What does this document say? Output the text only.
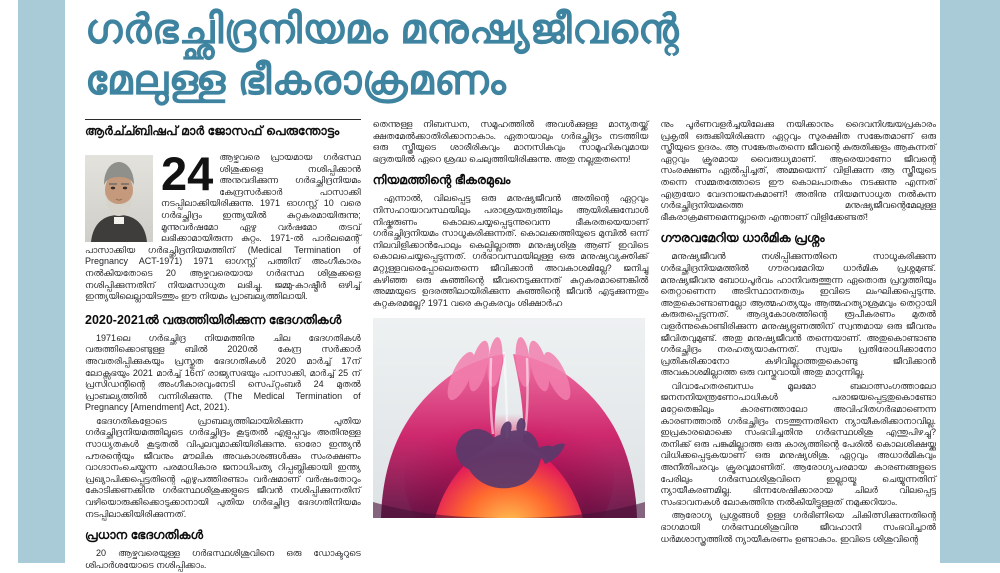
ഗർഭച്ഛിദ്രനിയമം മനുഷ്യജീവന്റെ
മേലുള്ള ഭീകരാക്രമണം
ആർച്ച്ബിഷപ് മാർ ജോസഫ് പെരുന്തോട്ടം
24 ആഴ്ചവരെ പ്രായമായ ഗർഭസ്ഥ ശിശുക്കളെ നശിപ്പിക്കാൻ അനുവദിക്കുന്ന ഗർഭച്ഛിദ്രനിയമം കേന്ദ്രസർക്കാർ പാസാക്കി നടപ്പിലാക്കിയിരിക്കുന്നു. 1971 ഓഗസ്റ്റ് 10 വരെ ഗർഭച്ഛിദ്രം ഇന്ത്യയിൽ കുറ്റകരമായിരുന്നു; മൂന്നുവർഷമോ ഏഴു വർഷമോ തടവ് ലഭിക്കാമായിരുന്ന കുറ്റം. 1971-ൽ പാർലമെന്റ് പാസാക്കിയ ഗർഭച്ഛിദ്രനിയമത്തിന് (Medical Termination of Pregnancy ACT-1971) 1971 ഓഗസ്റ്റ് പത്തിന് അംഗീകാരം നൽകിയതോടെ 20 ആഴ്ചവരെയായ ഗർഭസ്ഥ ശിശുക്കളെ നശിപ്പിക്കുന്നതിന് നിയമസാധുത ലഭിച്ചു. ജമ്മു-കാഷ്മീർ ഒഴിച്ച് ഇന്ത്യയിലെല്ലായിടത്തും ഈ നിയമം പ്രാബല്യത്തിലായി.

2020-2021ൽ വരുത്തിയിരിക്കുന്ന ഭേദഗതികൾ

1971ലെ ഗർഭച്ഛിദ്ര നിയമത്തിനു ചില ഭേദഗതികൾ വരുത്തിക്കൊണ്ടുള്ള ബിൽ 2020ൽ കേന്ദ്ര സർക്കാർ അവതരിപ്പിക്കുകയും പ്രസ്തുത ഭേദഗതികൾ 2020 മാർച്ച് 17ന് ലോക്സഭയും 2021 മാർച്ച് 16ന് രാജ്യസഭയും പാസാക്കി, മാർച്ച് 25 ന് പ്രസിഡന്റിന്റെ അംഗീകാരവുംനേടി സെപ്റ്റംബർ 24 മുതൽ പ്രാബല്യത്തിൽ വന്നിരിക്കുന്നു. (The Medical Termination of Pregnancy [Amendment] Act, 2021).

ഭേദഗതികളോടെ പ്രാബല്യത്തിലായിരിക്കുന്ന പുതിയ ഗർഭച്ഛിദ്രനിയമത്തിലൂടെ ഗർഭച്ഛിദ്രം കൂടുതൽ എളുപ്പവും അതിനുള്ള സാധ്യതകൾ കൂടുതൽ വിപുലവുമാക്കിയിരിക്കുന്നു. ഓരോ ഇന്ത്യൻ പൗരന്റെയും ജീവനും മൗലിക അവകാശങ്ങൾക്കും സംരക്ഷണം വാഗ്ദാനംചെയ്യുന്ന പരമാധികാര ജനാധിപത്യ റിപ്പബ്ലിക്കായി ഇന്ത്യ പ്രഖ്യാപിക്കപ്പെട്ടതിന്റെ എഴുപത്തിരണ്ടാം വർഷമാണ് വർഷംതോറും കോടിക്കണക്കിനു ഗർഭസ്ഥശിശുക്കളുടെ ജീവൻ നശിപ്പിക്കുന്നതിന് വഴിയൊരുക്കിക്കൊടുക്കാനായി പുതിയ ഗർഭച്ഛിദ്ര ഭേദഗതിനിയമം നടപ്പിലാക്കിയിരിക്കുന്നത്.

പ്രധാന ഭേദഗതികൾ

20 ആഴ്ചവരെയുള്ള ഗർഭസ്ഥശിശുവിനെ ഒരു ഡോക്ടറുടെ ശിപാർശയോടെ നശിപ്പിക്കാം.

തെന്നുള്ള നിബന്ധന, സമൂഹത്തിൽ അവൾക്കുള്ള മാന്യതയ്ക്ക് ക്ഷതമേൽക്കാതിരിക്കാനാകാം. ഏതായാലും ഗർഭച്ഛിദ്രം നടത്തിയ ഒരു സ്ത്രീയുടെ ശാരീരികവും മാനസികവും സാമൂഹികവുമായ ഭദ്രതയിൽ ഏറെ ശ്രദ്ധ ചെലുത്തിയിരിക്കുന്നു. അതു നല്ലതുതന്നെ!

നിയമത്തിന്റെ ഭീകരമുഖം

എന്നാൽ, വിലപ്പെട്ട ഒരു മനുഷ്യജീവൻ അതിന്റെ ഏറ്റവും നിസഹായാവസ്ഥയിലും പരാശ്രയത്വത്തിലും ആയിരിക്കുമ്പോൾ നിഷ്കരുണം കൊലചെയ്യപ്പെടുന്നുവെന്ന ഭീകരതയെയാണ് ഗർഭച്ഛിദ്രനിയമം സാധൂകരിക്കുന്നത്. കൊലക്കത്തിയുടെ മുമ്പിൽ ഒന്ന് നിലവിളിക്കാൻപോലും കെല്പില്ലാത്ത മനുഷ്യശിശു ആണ് ഇവിടെ കൊലചെയ്യപ്പെടുന്നത്. ഗർഭാവസ്ഥയിലുള്ള ഒരു മനുഷ്യവ്യക്തിക്ക് മറ്റുള്ളവരെപ്പോലെതന്നെ ജീവിക്കാൻ അവകാശമില്ലേ? ജനിച്ചു കഴിഞ്ഞ ഒരു കുഞ്ഞിന്റെ ജീവനെടുക്കുന്നത് കുറ്റകരമാണെങ്കിൽ അമ്മയുടെ ഉദരത്തിലായിരിക്കുന്ന കുഞ്ഞിന്റെ ജീവൻ എടുക്കുന്നതും കുറ്റകരമല്ലേ? 1971 വരെ കുറ്റകരവും ശിക്ഷാർഹ

നും പൂർണവളർച്ചയിലേക്കു നയിക്കാനും ദൈവനിശ്ചയപ്രകാരം പ്രകൃതി ഒരുക്കിയിരിക്കുന്ന ഏറ്റവും സുരക്ഷിത സങ്കേതമാണ് ഒരു സ്ത്രീയുടെ ഉദരം. ആ സങ്കേതംതന്നെ ജീവന്റെ കുരുതിക്കളം ആകുന്നത് ഏറ്റവും ക്രൂരമായ വൈരുധ്യമാണ്. ആരെയാണോ ജീവന്റെ സംരക്ഷണം ഏൽപ്പിച്ചത്, അമ്മയെന്ന് വിളിക്കുന്ന ആ സ്ത്രീയുടെ തന്നെ സമ്മതത്തോടെ ഈ കൊലപാതകം നടക്കുന്നു എന്നത് എത്രയോ വേദനാജനകമാണ്! അതിനു നിയമസാധുത നൽകുന്ന ഗർഭച്ഛിദ്രനിയമത്തെ മനുഷ്യജീവന്റെമേലുള്ള ഭീകരാക്രമണമെന്നല്ലാതെ എന്താണ് വിളിക്കേണ്ടത്!

ഗൗരവമേറിയ ധാർമിക പ്രശ്നം

മനുഷ്യജീവൻ നശിപ്പിക്കുന്നതിനെ സാധൂകരിക്കുന്ന ഗർഭച്ഛിദ്രനിയമത്തിൽ ഗൗരവമേറിയ ധാർമിക പ്രശ്നമുണ്ട്. മനുഷ്യജീവനു ബോധപൂർവം ഹാനിവരുത്തുന്ന ഏതൊരു പ്രവൃത്തിയും തെറ്റാണെന്ന അടിസ്ഥാനതത്വം ഇവിടെ ലംഘിക്കപ്പെടുന്നു. അതുകൊണ്ടാണല്ലോ ആത്മഹത്യയും ആത്മഹത്യാശ്രമവും തെറ്റായി കരുതപ്പെടുന്നത്. ആദ്യകോശത്തിന്റെ രൂപീകരണം മുതൽ വളർന്നുകൊണ്ടിരിക്കുന്ന മനുഷ്യഭ്രൂണത്തിന് സ്വന്തമായ ഒരു ജീവനും ജീവിതവുമുണ്ട്. അതു മനുഷ്യജീവൻ തന്നെയാണ്. അതുകൊണ്ടാണു ഗർഭച്ഛിദ്രം നരഹത്യയാകുന്നത്. സ്വയം പ്രതിരോധിക്കാനോ പ്രതികരിക്കാനോ കഴിവില്ലാത്തതുകൊണ്ടു ജീവിക്കാൻ അവകാശമില്ലാത്ത ഒരു വസ്തുവായി അതു മാറുന്നില്ല.

വിവാഹേതരബന്ധം മൂലമോ ബലാത്സംഗത്താലോ ജനനനിയന്ത്രണോപാധികൾ പരാജയപ്പെട്ടതുകൊണ്ടോ മറ്റേതെങ്കിലും കാരണത്താലോ അവിഹിതഗർഭമാണെന്ന കാരണത്താൽ ഗർഭച്ഛിദ്രം നടത്തുന്നതിനെ ന്യായീകരിക്കാനാവില്ല. ഇപ്രകാരമൊക്കെ സംഭവിച്ചതിനു ഗർഭസ്ഥശിശു എന്തുപിഴച്ചു? തനിക്ക് ഒരു പങ്കുമില്ലാത്ത ഒരു കാര്യത്തിന്റെ പേരിൽ കൊലശിക്ഷയ്ക്കു വിധിക്കപ്പെടുകയാണ് ഒരു മനുഷ്യശിശു. ഏറ്റവും അധാർമികവും അനീതിപരവും ക്രൂരവുമാണിത്. ആരോഗ്യപരമായ കാരണങ്ങളുടെ പേരിലും ഗർഭസ്ഥശിശുവിനെ ഇല്ലായ്മ ചെയ്യുന്നതിന് ന്യായീകരണമില്ല. ഭിന്നശേഷിക്കാരായ ചിലർ വിലപ്പെട്ട സംഭാവനകൾ ലോകത്തിനു നൽകിയിട്ടുള്ളത് നമുക്കറിയാം.

ആരോഗ്യ പ്രശ്നങ്ങൾ ഉള്ള ഗർഭിണിയെ ചികിത്സിക്കുന്നതിന്റെ ഭാഗമായി ഗർഭസ്ഥശിശുവിനു ജീവഹാനി സംഭവിച്ചാൽ ധർമശാസ്ത്രത്തിൽ ന്യായീകരണം ഉണ്ടാകാം. ഇവിടെ ശിശുവിന്റെ
